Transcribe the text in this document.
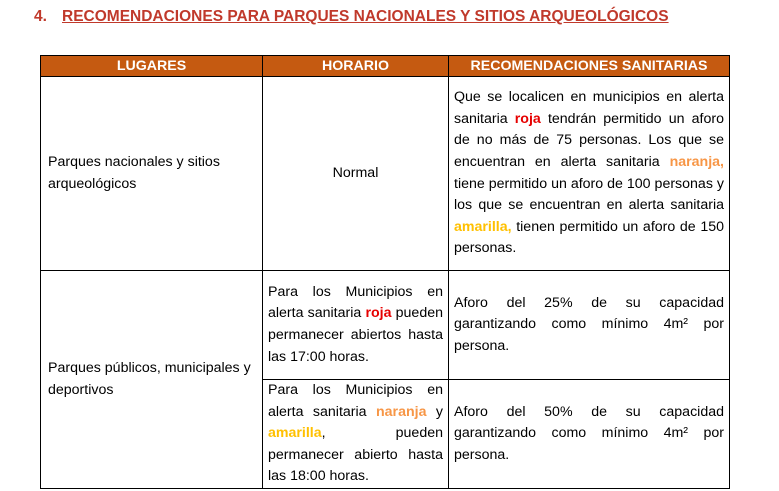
4. RECOMENDACIONES PARA PARQUES NACIONALES Y SITIOS ARQUEOLÓGICOS
LUGARES	HORARIO	RECOMENDACIONES SANITARIAS
Parques nacionales y sitios arqueológicos	Normal	Que se localicen en municipios en alerta sanitaria roja tendrán permitido un aforo de no más de 75 personas. Los que se encuentran en alerta sanitaria naranja, tiene permitido un aforo de 100 personas y los que se encuentran en alerta sanitaria amarilla, tienen permitido un aforo de 150 personas.
Parques públicos, municipales y deportivos	Para los Municipios en alerta sanitaria roja pueden permanecer abiertos hasta las 17:00 horas.	Aforo del 25% de su capacidad garantizando como mínimo 4m² por persona.
	Para los Municipios en alerta sanitaria naranja y amarilla, pueden permanecer abierto hasta las 18:00 horas.	Aforo del 50% de su capacidad garantizando como mínimo 4m² por persona.
